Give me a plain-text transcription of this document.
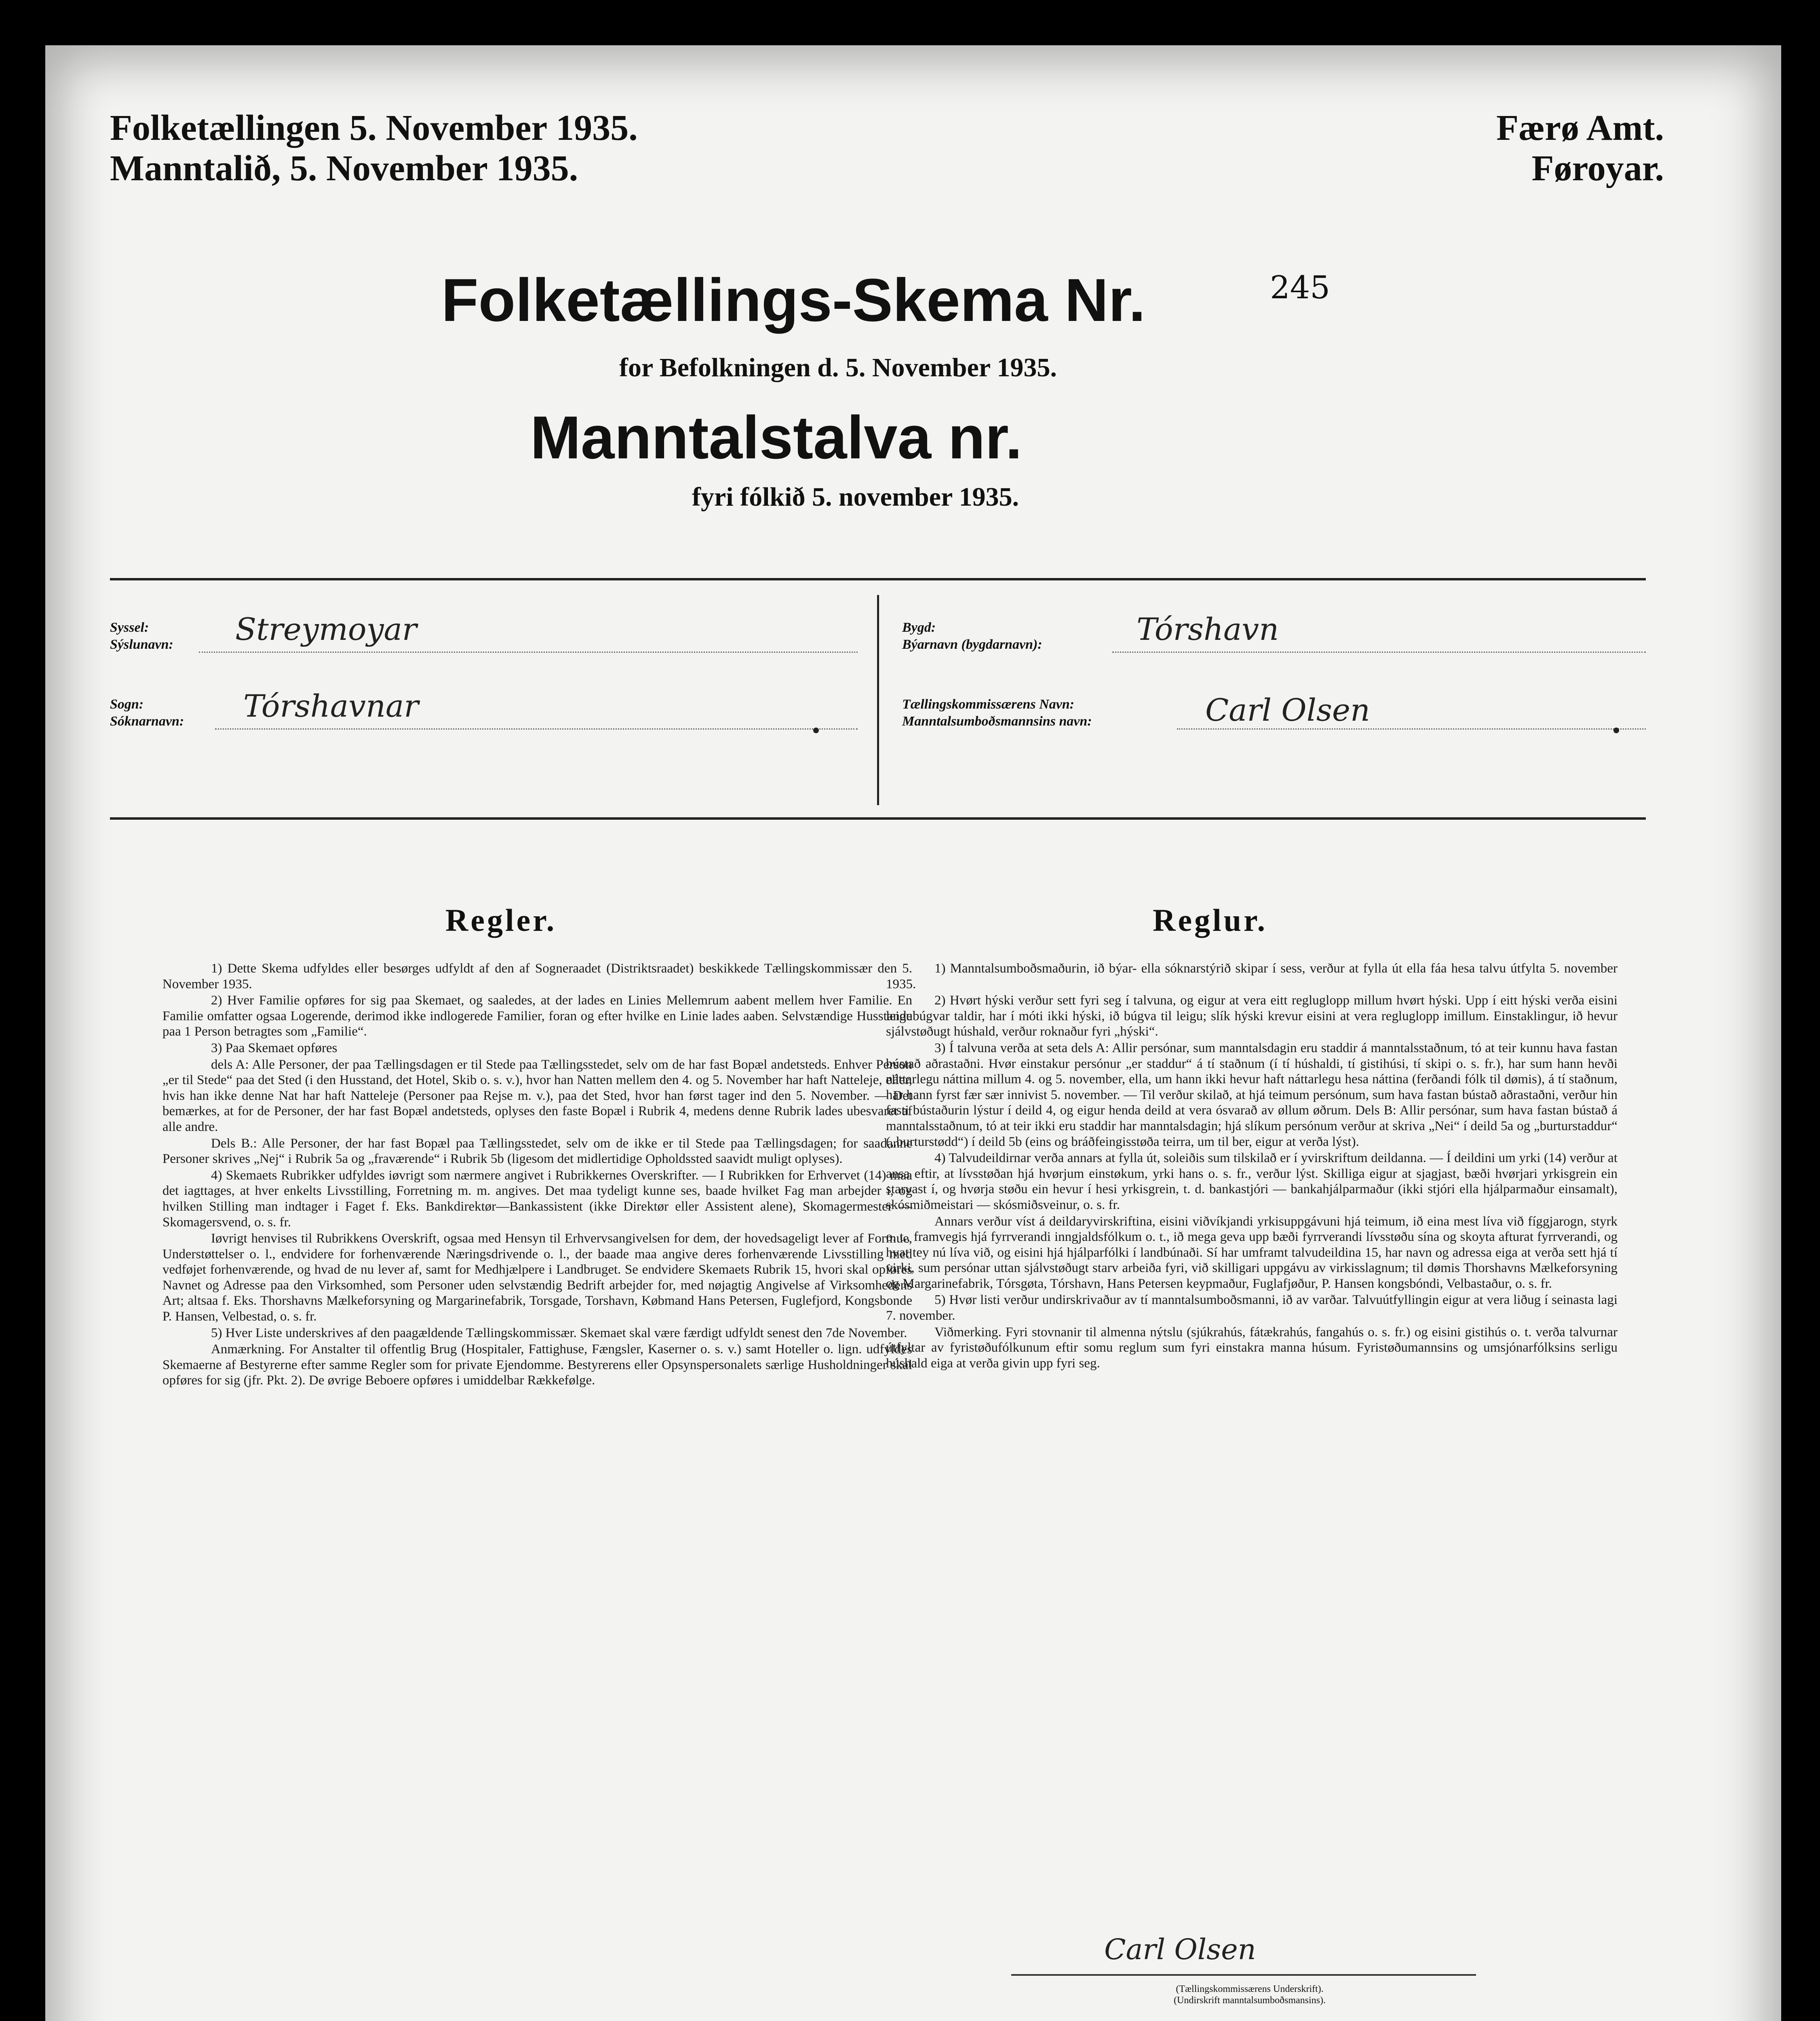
Folketællingen 5. November 1935.
Manntalið, 5. November 1935.
Færø Amt.
Føroyar.
Folketællings-Skema Nr.	245
for Befolkningen d. 5. November 1935.
Manntalstalva nr.
fyri fólkið 5. november 1935.
Syssel:
Sýslunavn: Streymoyar
Sogn:
Sóknarnavn: Tórshavnar
Bygd:
Býarnavn (bygdarnavn):	Tórshavn
Tællingskommissærens Navn:
Manntalsumboðsmannsins navn:	Carl Olsen
Regler.

1) Dette Skema udfyldes eller besørges udfyldt af den af Sogneraadet (Distriktsraadet) beskikkede Tællingskommissær den 5. November 1935.

2) Hver Familie opføres for sig paa Skemaet, og saaledes, at der lades en Linies Mellemrum aabent mellem hver Familie. En Familie omfatter ogsaa Logerende, derimod ikke indlogerede Familier, foran og efter hvilke en Linie lades aaben. Selvstændige Husstande paa 1 Person betragtes som „Familie“.

3) Paa Skemaet opføres

dels A: Alle Personer, der paa Tællingsdagen er til Stede paa Tællingsstedet, selv om de har fast Bopæl andetsteds. Enhver Person „er til Stede“ paa det Sted (i den Husstand, det Hotel, Skib o. s. v.), hvor han Natten mellem den 4. og 5. November har haft Natteleje, eller, hvis han ikke denne Nat har haft Natteleje (Personer paa Rejse m. v.), paa det Sted, hvor han først tager ind den 5. November. — Det bemærkes, at for de Personer, der har fast Bopæl andetsteds, oplyses den faste Bopæl i Rubrik 4, medens denne Rubrik lades ubesvaret af alle andre.

Dels B.: Alle Personer, der har fast Bopæl paa Tællingsstedet, selv om de ikke er til Stede paa Tællingsdagen; for saadanne Personer skrives „Nej“ i Rubrik 5a og „fraværende“ i Rubrik 5b (ligesom det midlertidige Opholdssted saavidt muligt oplyses).

4) Skemaets Rubrikker udfyldes iøvrigt som nærmere angivet i Rubrikkernes Overskrifter. — I Rubrikken for Erhvervet (14) maa det iagttages, at hver enkelts Livsstilling, Forretning m. m. angives. Det maa tydeligt kunne ses, baade hvilket Fag man arbejder i, og hvilken Stilling man indtager i Faget f. Eks. Bankdirektør—Bankassistent (ikke Direktør eller Assistent alene), Skomagermester — Skomagersvend, o. s. fr.

Iøvrigt henvises til Rubrikkens Overskrift, ogsaa med Hensyn til Erhvervsangivelsen for dem, der hovedsageligt lever af Formue, Understøttelser o. l., endvidere for forhenværende Næringsdrivende o. l., der baade maa angive deres forhenværende Livsstilling med vedføjet forhenværende, og hvad de nu lever af, samt for Medhjælpere i Landbruget. Se endvidere Skemaets Rubrik 15, hvori skal opføres Navnet og Adresse paa den Virksomhed, som Personer uden selvstændig Bedrift arbejder for, med nøjagtig Angivelse af Virksomhedens Art; altsaa f. Eks. Thorshavns Mælkeforsyning og Margarinefabrik, Torsgade, Torshavn, Købmand Hans Petersen, Fuglefjord, Kongsbonde P. Hansen, Velbestad, o. s. fr.

5) Hver Liste underskrives af den paagældende Tællingskommissær. Skemaet skal være færdigt udfyldt senest den 7de November.

Anmærkning. For Anstalter til offentlig Brug (Hospitaler, Fattighuse, Fængsler, Kaserner o. s. v.) samt Hoteller o. lign. udfyldes Skemaerne af Bestyrerne efter samme Regler som for private Ejendomme. Bestyrerens eller Opsynspersonalets særlige Husholdninger skal opføres for sig (jfr. Pkt. 2). De øvrige Beboere opføres i umiddelbar Rækkefølge.

Reglur.

1) Manntalsumboðsmaðurin, ið býar- ella sóknarstýrið skipar í sess, verður at fylla út ella fáa hesa talvu útfylta 5. november 1935.

2) Hvørt hýski verður sett fyri seg í talvuna, og eigur at vera eitt regluglopp millum hvørt hýski. Upp í eitt hýski verða eisini leigubúgvar taldir, har í móti ikki hýski, ið búgva til leigu; slík hýski krevur eisini at vera regluglopp imillum. Einstaklingur, ið hevur sjálvstøðugt húshald, verður roknaður fyri „hýski“.

3) Í talvuna verða at seta dels A: Allir persónar, sum manntalsdagin eru staddir á manntalsstaðnum, tó at teir kunnu hava fastan bústað aðrastaðni. Hvør einstakur persónur „er staddur“ á tí staðnum (í tí húshaldi, tí gistihúsi, tí skipi o. s. fr.), har sum hann hevði náttarlegu náttina millum 4. og 5. november, ella, um hann ikki hevur haft náttarlegu hesa náttina (ferðandi fólk til dømis), á tí staðnum, har hann fyrst fær sær innivist 5. november. — Til verður skilað, at hjá teimum persónum, sum hava fastan bústað aðrastaðni, verður hin fasti bústaðurin lýstur í deild 4, og eigur henda deild at vera ósvarað av øllum øðrum. Dels B: Allir persónar, sum hava fastan bústað á manntalsstaðnum, tó at teir ikki eru staddir har manntalsdagin; hjá slíkum persónum verður at skriva „Nei“ í deild 5a og „burturstaddur“ („burturstødd“) í deild 5b (eins og bráðfeingisstøða teirra, um til ber, eigur at verða lýst).

4) Talvudeildirnar verða annars at fylla út, soleiðis sum tilskilað er í yvirskriftum deildanna. — Í deildini um yrki (14) verður at ansa eftir, at lívsstøðan hjá hvørjum einstøkum, yrki hans o. s. fr., verður lýst. Skilliga eigur at sjagjast, bæði hvørjari yrkisgrein ein starvast í, og hvørja støðu ein hevur í hesi yrkisgrein, t. d. bankastjóri — bankahjálparmaður (ikki stjóri ella hjálparmaður einsamalt), skósmiðmeistari — skósmiðsveinur, o. s. fr.

Annars verður víst á deildaryvirskriftina, eisini viðvíkjandi yrkisuppgávuni hjá teimum, ið eina mest líva við fíggjarogn, styrk o. t., framvegis hjá fyrrverandi inngjaldsfólkum o. t., ið mega geva upp bæði fyrrverandi lívsstøðu sína og skoyta afturat fyrrverandi, og hvat tey nú líva við, og eisini hjá hjálparfólki í landbúnaði. Sí har umframt talvudeildina 15, har navn og adressa eiga at verða sett hjá tí virki, sum persónar uttan sjálvstøðugt starv arbeiða fyri, við skilligari uppgávu av virkisslagnum; til dømis Thorshavns Mælkeforsyning og Margarinefabrik, Tórsgøta, Tórshavn, Hans Petersen keypmaður, Fuglafjøður, P. Hansen kongsbóndi, Velbastaður, o. s. fr.

5) Hvør listi verður undirskrivaður av tí manntalsumboðsmanni, ið av varðar. Talvuútfyllingin eigur at vera liðug í seinasta lagi 7. november.

Viðmerking. Fyri stovnanir til almenna nýtslu (sjúkrahús, fátækrahús, fangahús o. s. fr.) og eisini gistihús o. t. verða talvurnar útfyltar av fyristøðufólkunum eftir somu reglum sum fyri einstakra manna húsum. Fyristøðumannsins og umsjónarfólksins serligu húshald eiga at verða givin upp fyri seg.

Carl Olsen
(Tællingskommissærens Underskrift).
(Undirskrift manntalsumboðsmansins).
